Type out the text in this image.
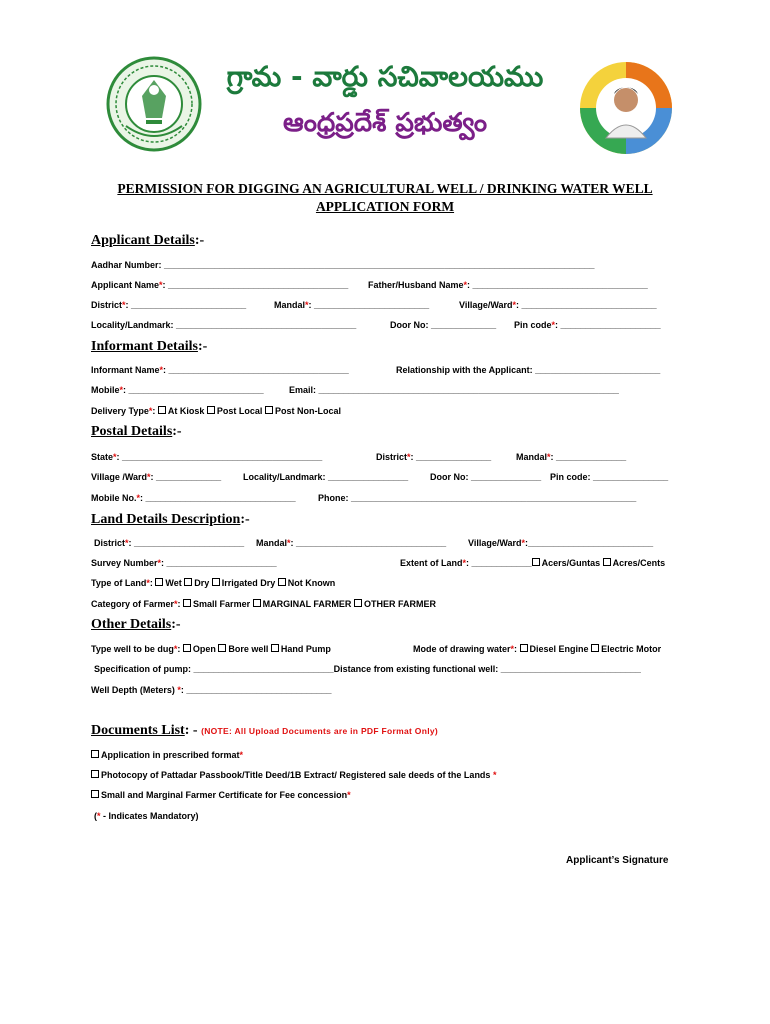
గ్రామ - వార్డు సచివాలయము
ఆంధ్రప్రదేశ్ ప్రభుత్వం
PERMISSION FOR DIGGING AN AGRICULTURAL WELL / DRINKING WATER WELL
APPLICATION FORM
Applicant Details:-
Aadhar Number: ______________________________________________________________________________________
Applicant Name*: ____________________________________ Father/Husband Name*: ___________________________________
District*: _______________________	Mandal*: _______________________	Village/Ward*: ___________________________
Locality/Landmark: ____________________________________	Door No: _____________ Pin code*: ____________________
Informant Details:-
Informant Name*: ____________________________________	Relationship with the Applicant: _________________________
Mobile*: ___________________________	Email: ____________________________________________________________
Delivery Type*: At Kiosk Post Local Post Non-Local
Postal Details:-
State*: ________________________________________	District*: _______________	Mandal*: ______________
Village /Ward*: _____________ Locality/Landmark: ________________ Door No: ______________ Pin code: _______________
Mobile No.*: ______________________________ Phone: _________________________________________________________
Land Details Description:-
District*: ______________________ Mandal*: ______________________________ Village/Ward*:_________________________
Survey Number*: ______________________	Extent of Land*: ____________ Acers/Guntas Acres/Cents
Type of Land*: Wet Dry Irrigated Dry Not Known
Category of Farmer*: Small Farmer MARGINAL FARMER OTHER FARMER
Other Details:-
Type well to be dug*: Open Bore well Hand Pump	Mode of drawing water*: Diesel Engine Electric Motor
Specification of pump: ____________________________Distance from existing functional well: ____________________________
Well Depth (Meters) *: _____________________________
Documents List: - (NOTE: All Upload Documents are in PDF Format Only)
Application in prescribed format*
Photocopy of Pattadar Passbook/Title Deed/1B Extract/ Registered sale deeds of the Lands *
Small and Marginal Farmer Certificate for Fee concession*
(* - Indicates Mandatory)
Applicant’s Signature
